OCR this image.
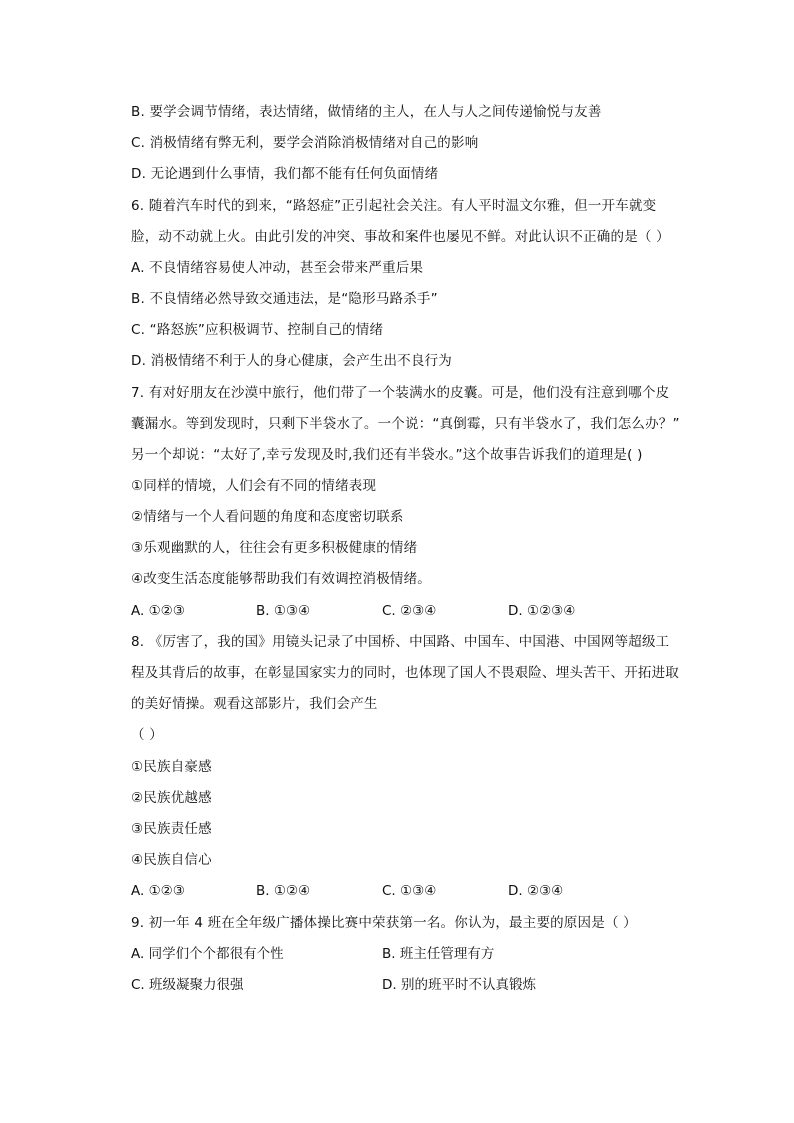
B. 要学会调节情绪，表达情绪，做情绪的主人，在人与人之间传递愉悦与友善
C. 消极情绪有弊无利，要学会消除消极情绪对自己的影响
D. 无论遇到什么事情，我们都不能有任何负面情绪
6. 随着汽车时代的到来，“路怒症”正引起社会关注。有人平时温文尔雅，但一开车就变
脸，动不动就上火。由此引发的冲突、事故和案件也屡见不鲜。对此认识不正确的是（ ）
A. 不良情绪容易使人冲动，甚至会带来严重后果
B. 不良情绪必然导致交通违法，是“隐形马路杀手”
C. “路怒族”应积极调节、控制自己的情绪
D. 消极情绪不利于人的身心健康，会产生出不良行为
7. 有对好朋友在沙漠中旅行，他们带了一个装满水的皮囊。可是，他们没有注意到哪个皮
囊漏水。等到发现时，只剩下半袋水了。一个说：“真倒霉，只有半袋水了，我们怎么办？”
另一个却说：“太好了,幸亏发现及时,我们还有半袋水。”这个故事告诉我们的道理是( )
①同样的情境，人们会有不同的情绪表现
②情绪与一个人看问题的角度和态度密切联系
③乐观幽默的人，往往会有更多积极健康的情绪
④改变生活态度能够帮助我们有效调控消极情绪。
A. ①②③	B. ①③④	C. ②③④	D. ①②③④
8. 《厉害了，我的国》用镜头记录了中国桥、中国路、中国车、中国港、中国网等超级工
程及其背后的故事，在彰显国家实力的同时，也体现了国人不畏艰险、埋头苦干、开拓进取
的美好情操。观看这部影片，我们会产生
（ ）
①民族自豪感
②民族优越感
③民族责任感
④民族自信心
A. ①②③	B. ①②④	C. ①③④	D. ②③④
9. 初一年 4 班在全年级广播体操比赛中荣获第一名。你认为，最主要的原因是（ ）
A. 同学们个个都很有个性	B. 班主任管理有方
C. 班级凝聚力很强	D. 别的班平时不认真锻炼
